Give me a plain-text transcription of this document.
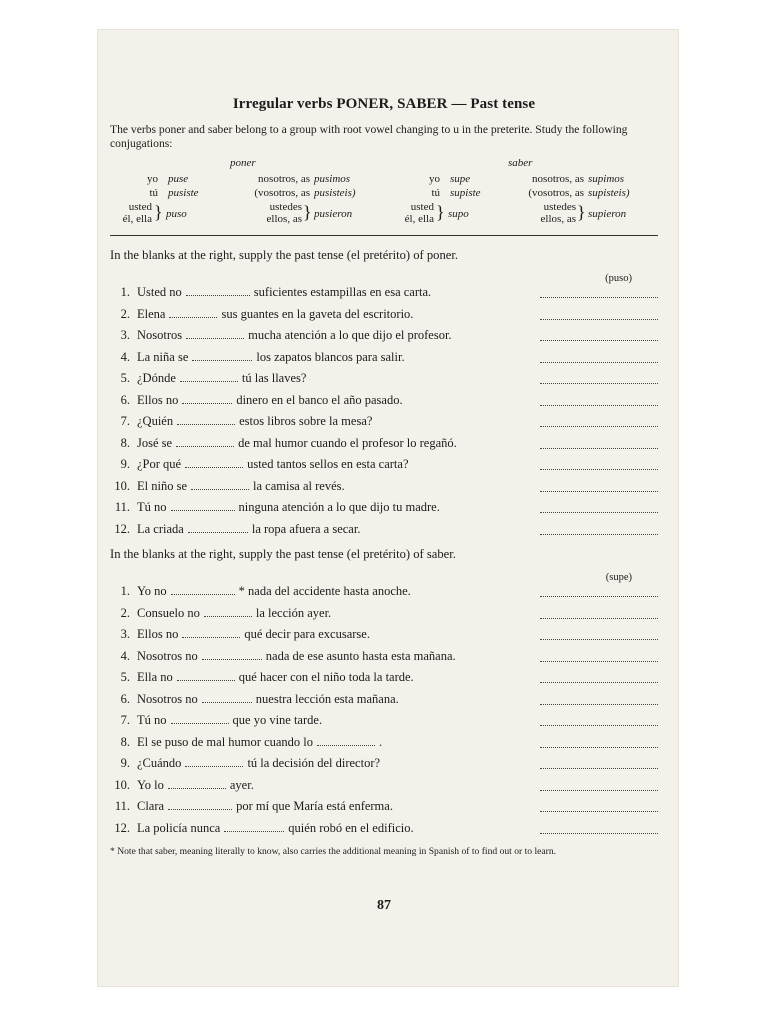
Irregular verbs PONER, SABER — Past tense

The verbs poner and saber belong to a group with root vowel changing to u in the preterite. Study the following conjugations:

poner
yo puse
tú pusiste
usted
él, ella } puso
nosotros, as pusimos
(vosotros, as pusisteis)
ustedes
ellos, as } pusieron
saber
yo supe
tú supiste
usted
él, ella } supo
nosotros, as supimos
(vosotros, as supisteis)
ustedes
ellos, as } supieron

In the blanks at the right, supply the past tense (el pretérito) of poner.

(puso)
1. Usted no	suficientes estampillas en esa carta.
2. Elena	sus guantes en la gaveta del escritorio.
3. Nosotros	mucha atención a lo que dijo el profesor.
4. La niña se	los zapatos blancos para salir.
5. ¿Dónde	tú las llaves?
6. Ellos no	dinero en el banco el año pasado.
7. ¿Quién	estos libros sobre la mesa?
8. José se	de mal humor cuando el profesor lo regañó.
9. ¿Por qué	usted tantos sellos en esta carta?
10. El niño se	la camisa al revés.
11. Tú no	ninguna atención a lo que dijo tu madre.
12. La criada	la ropa afuera a secar.

In the blanks at the right, supply the past tense (el pretérito) of saber.

(supe)
1. Yo no	* nada del accidente hasta anoche.
2. Consuelo no	la lección ayer.
3. Ellos no	qué decir para excusarse.
4. Nosotros no	nada de ese asunto hasta esta mañana.
5. Ella no	qué hacer con el niño toda la tarde.
6. Nosotros no	nuestra lección esta mañana.
7. Tú no	que yo vine tarde.
8. El se puso de mal humor cuando lo	.
9. ¿Cuándo	tú la decisión del director?
10. Yo lo	ayer.
11. Clara	por mí que María está enferma.
12. La policía nunca	quién robó en el edificio.

* Note that saber, meaning literally to know, also carries the additional meaning in Spanish of to find out or to learn.

87
